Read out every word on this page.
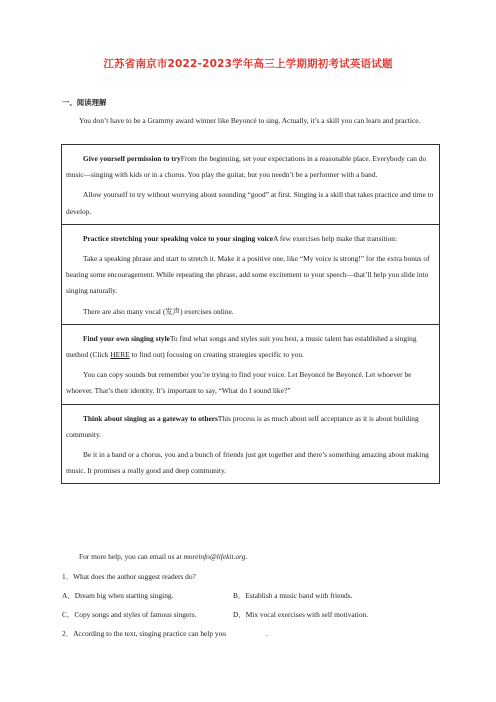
江苏省南京市2022-2023学年高三上学期期初考试英语试题
一、阅读理解
You don’t have to be a Grammy award winner like Beyoncé to sing. Actually, it’s a skill you can learn and practice.

Give yourself permission to tryFrom the beginning, set your expectations in a reasonable place. Everybody can do music—singing with kids or in a chorus. You play the guitar, but you needn’t be a performer with a band.

Allow yourself to try without worrying about sounding “good” at first. Singing is a skill that takes practice and time to develop.

Practice stretching your speaking voice to your singing voiceA few exercises help make that transition:

Take a speaking phrase and start to stretch it. Make it a positive one, like “My voice is strong!” for the extra bonus of hearing some encouragement. While repeating the phrase, add some excitement to your speech—that’ll help you slide into singing naturally.

There are also many vocal (发声) exercises online.

Find your own singing styleTo find what songs and styles suit you best, a music talent has established a singing method (Click HERE to find out) focusing on creating strategies specific to you.

You can copy sounds but remember you’re trying to find your voice. Let Beyoncé be Beyoncé. Let whoever be whoever. That’s their identity. It’s important to say, “What do I sound like?”

Think about singing as a gateway to othersThis process is as much about self acceptance as it is about building community.

Be it in a band or a chorus, you and a bunch of friends just get together and there’s something amazing about making music. It promises a really good and deep community.

For more help, you can email us at moreinfo@lifekit.org.
1．What does the author suggest readers do?
A．Dream big when starting singing.	B．Establish a music band with friends.
C．Copy songs and styles of famous singers.	D．Mix vocal exercises with self motivation.
2．According to the text, singing practice can help you	.
